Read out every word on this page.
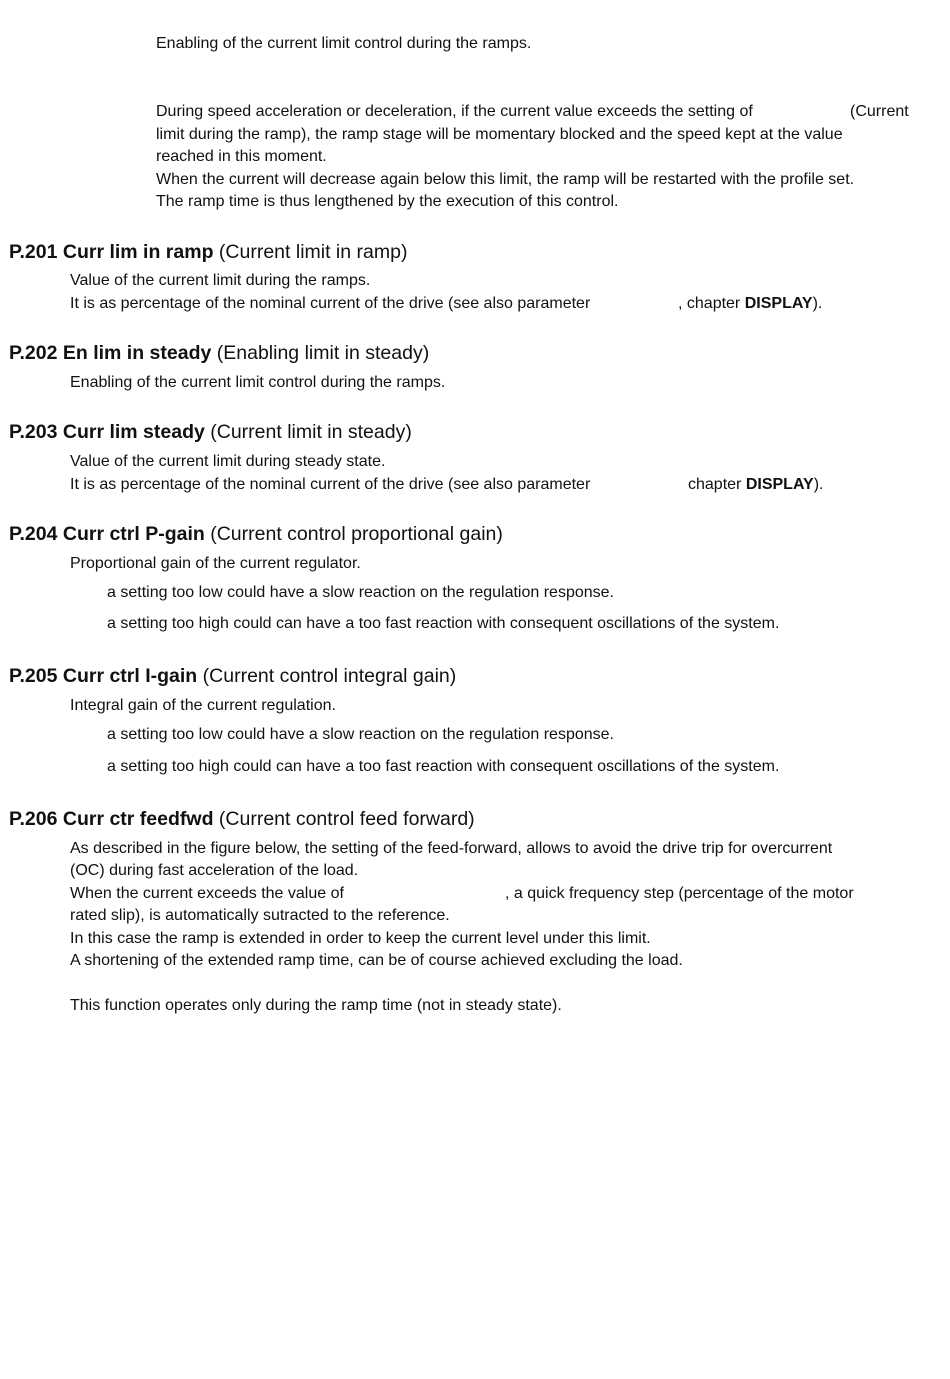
Enabling of the current limit control during the ramps.
During speed acceleration or deceleration, if the current value exceeds the setting of	(Current
limit during the ramp), the ramp stage will be momentary blocked and the speed kept at the value
reached in this moment.
When the current will decrease again below this limit, the ramp will be restarted with the profile set.
The ramp time is thus lengthened by the execution of this control.
P.201 Curr lim in ramp (Current limit in ramp)
Value of the current limit during the ramps.
It is as percentage of the nominal current of the drive (see also parameter	, chapter DISPLAY).
P.202 En lim in steady (Enabling limit in steady)
Enabling of the current limit control during the ramps.
P.203 Curr lim steady (Current limit in steady)
Value of the current limit during steady state.
It is as percentage of the nominal current of the drive (see also parameter	chapter DISPLAY).
P.204 Curr ctrl P-gain (Current control proportional gain)
Proportional gain of the current regulator.
a setting too low could have a slow reaction on the regulation response.
a setting too high could can have a too fast reaction with consequent oscillations of the system.
P.205 Curr ctrl I-gain (Current control integral gain)
Integral gain of the current regulation.
a setting too low could have a slow reaction on the regulation response.
a setting too high could can have a too fast reaction with consequent oscillations of the system.
P.206 Curr ctr feedfwd (Current control feed forward)
As described in the figure below, the setting of the feed-forward, allows to avoid the drive trip for overcurrent
(OC) during fast acceleration of the load.
When the current exceeds the value of	, a quick frequency step (percentage of the motor
rated slip), is automatically sutracted to the reference.
In this case the ramp is extended in order to keep the current level under this limit.
A shortening of the extended ramp time, can be of course achieved excluding the load.
This function operates only during the ramp time (not in steady state).
